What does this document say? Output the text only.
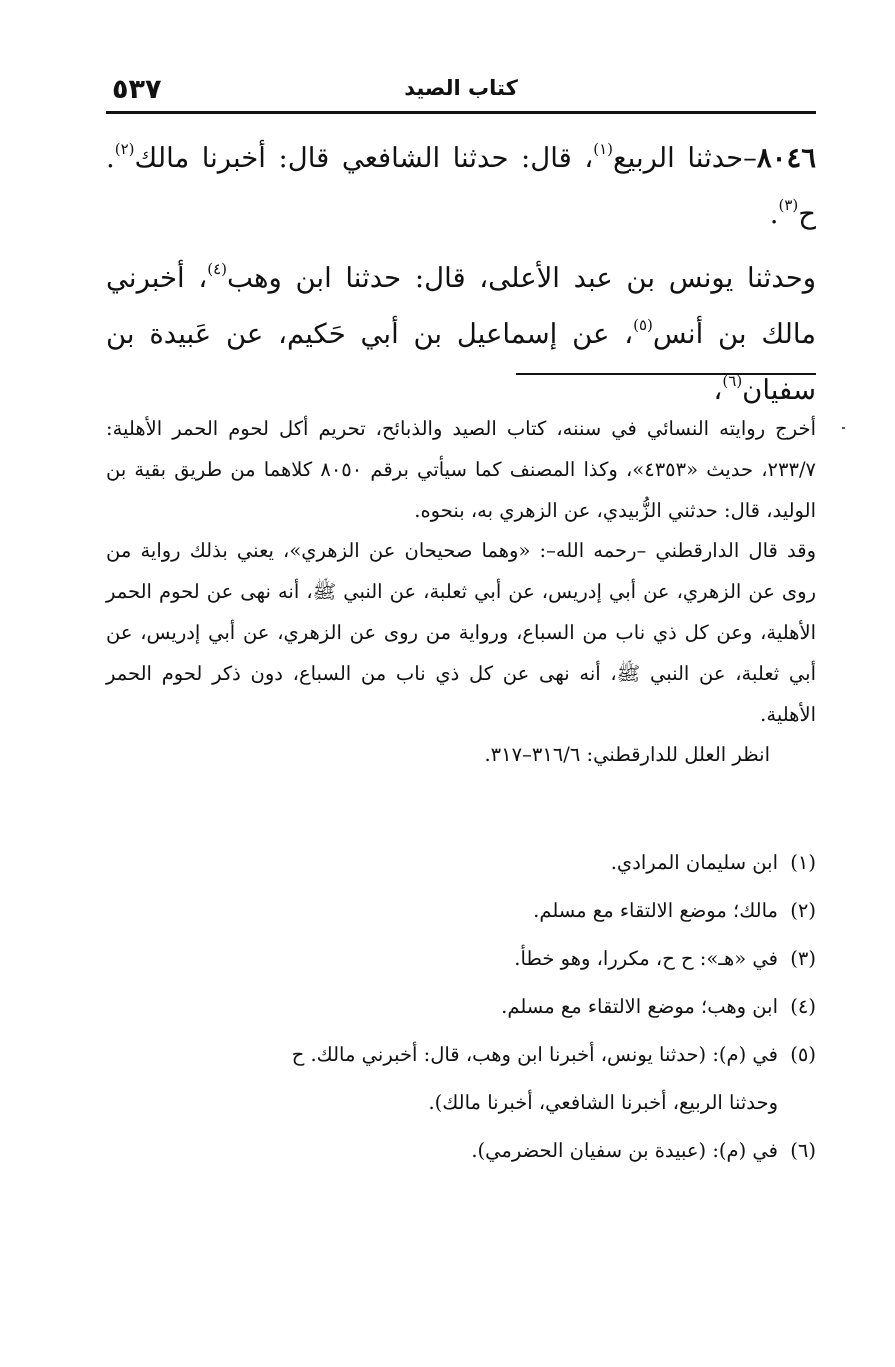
٥٣٧	كتاب الصيد

٨٠٤٦–حدثنا الربيع$^{(١)}$، قال: حدثنا الشافعي قال: أخبرنا مالك$^{(٢)}$. ح$^{(٣)}$.

وحدثنا يونس بن عبد الأعلى، قال: حدثنا ابن وهب$^{(٤)}$، أخبرني مالك بن أنس$^{(٥)}$، عن إسماعيل بن أبي حَكيم، عن عَبيدة بن سفيان$^{(٦)}$،

أخرج روايته النسائي في سننه، كتاب الصيد والذبائح، تحريم أكل لحوم الحمر الأهلية: ٢٣٣/٧، حديث «٤٣٥٣»، وكذا المصنف كما سيأتي برقم ٨٠٥٠ كلاهما من طريق بقية بن الوليد، قال: حدثني الزُّبيدي، عن الزهري به، بنحوه.

وقد قال الدارقطني –رحمه الله–: «وهما صحيحان عن الزهري»، يعني بذلك رواية من روى عن الزهري، عن أبي إدريس، عن أبي ثعلبة، عن النبي ﷺ، أنه نهى عن لحوم الحمر الأهلية، وعن كل ذي ناب من السباع، ورواية من روى عن الزهري، عن أبي إدريس، عن أبي ثعلبة، عن النبي ﷺ، أنه نهى عن كل ذي ناب من السباع، دون ذكر لحوم الحمر الأهلية.

انظر العلل للدارقطني: ٣١٦/٦–٣١٧.

(١)
ابن سليمان المرادي.
(٢)
مالك؛ موضع الالتقاء مع مسلم.
(٣)
في «هـ»: ح ح، مكررا، وهو خطأ.
(٤)
ابن وهب؛ موضع الالتقاء مع مسلم.
(٥)
في (م): (حدثنا يونس، أخبرنا ابن وهب، قال: أخبرني مالك. ح
وحدثنا الربيع، أخبرنا الشافعي، أخبرنا مالك).
(٦)
في (م): (عبيدة بن سفيان الحضرمي).
